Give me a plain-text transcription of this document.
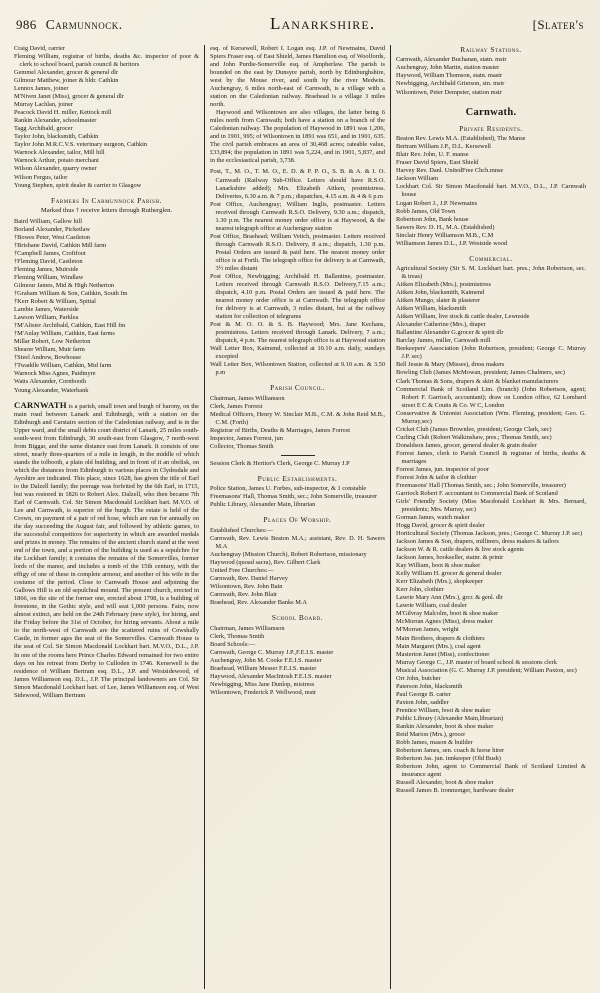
986 Carmunnock.	Lanarkshire.	[Slater's
Craig David, carrier
Fleming William, registrar of births, deaths &c. inspector of poor & clerk to school board, parish council & heritors
Gemmel Alexander, grocer & general dlr
Gilmour Matthew, joiner & bldr. Cathkin
Lennox James, joiner
M'Niven Janet (Miss), grocer & general dlr
Murray Lachlan, joiner
Peacock David H. miller, Kettock mill
Rankin Alexander, schoolmaster
Tagg Archibald, grocer
Taylor John, blacksmith, Cathkin
Taylor John M.R.C.V.S. veterinary surgeon, Cathkin
Warnock Alexander, tailor, Mill hill
Warnock Arthur, potato merchant
Wilson Alexander, quarry owner
Wilson Fergus, tailor
Young Stephen, spirit dealer & carrier to Glasgow
Farmers In Carmunnock Parish.
Marked thus † receive letters through Rutherglen.
Baird William, Gallow hill
Borland Alexander, Picketlaw
†Bowes Peter, West Castleton
†Brisbane David, Cathkin Mill farm
†Campbell James, Croftfoot
†Fleming David, Castleton
Fleming James, Muirside
Fleming William, Windlaw
Gilmour James, Mid & High Netherton
†Graham William & Son, Cathkin, South fm
†Kerr Robert & William, Spittal
Lambie James, Waterside
Lawson William, Parklea
†M'Alister Archibald, Cathkin, East Hill fm
†M'Aulay William, Cathkin, East farms
Millar Robert, Low Netherton
Shearer William, Muir farm
†Steel Andrew, Bowhouse
†Twaddle William, Cathkin, Mid farm
Warnock Miss Agnes, Paidmyre
Watts Alexander, Cornbooth
Young Alexander, Waterbank
CARNWATH is a parish, small town and burgh of barony, on the main road between Lanark and Edinburgh, with a station on the Edinburgh and Carstairs section of the Caledonian railway, and is in the Upper ward, and the small debts court district of Lanark, 25 miles south-south-west from Edinburgh, 30 south-east from Glasgow, 7 north-west from Biggar, and the same distance east from Lanark. It consists of one street, nearly three-quarters of a mile in length, in the middle of which stands the tolbooth, a plain old building, and in front of it an obelisk, on which the distances from Edinburgh to various places in Clydesdale and Ayrshire are indicated. This place, since 1628, has given the title of Earl to the Dalzell family; the peerage was forfeited by the 6th Earl, in 1715, but was restored in 1826 to Robert Alex. Dalzell, who then became 7th Earl of Carnwath. Col. Sir Simon Macdonald Lockhart bart. M.V.O. of Lee and Carnwath, is superior of the burgh. The estate is held of the Crown, on payment of a pair of red hose, which are run for annually on the day succeeding the August fair, and followed by athletic games, to the successful competitors for superiority in which are awarded medals and prizes in money. The remains of the ancient church stand at the west end of the town, and a portion of the building is used as a sepulchre for the Lockhart family; it contains the remains of the Somervilles, former lords of the manor, and includes a tomb of the 15th century, with the effigy of one of these in complete armour, and another of his wife in the costume of the period. Close to Carnwath House and adjoining the Gallows Hill is an old sepulchral mound. The present church, erected in 1866, on the site of the former one, erected about 1798, is a building of freestone, in the Gothic style, and will seat 1,000 persons. Fairs, now almost extinct, are held on the 24th February (new style), for hiring, and the Friday before the 31st of October, for hiring servants. About a mile to the north-west of Carnwath are the scattered ruins of Cowshally Castle, in former ages the seat of the Somervilles. Carnwath House is the seat of Col. Sir Simon Macdonald Lockhart bart. M.V.O., D.L., J.P. In one of the rooms here Prince Charles Edward remained for two entire days on his retreat from Derby to Culloden in 1746. Kersewell is the residence of William Bertram esq. D.L., J.P. and Westsidewood, of James Williamson esq. D.L., J.P. The principal landowners are Col. Sir Simon Macdonald Lockhart bart. of Lee, James Williamson esq. of West Sidewood, William Bertram
esq. of Kersewell, Robert I. Logan esq. J.P. of Newmains, David Spiers Fraser esq. of East Shield, James Hamilton esq. of Woolfords, and John Purdie-Somerville esq. of Ampherlaw. The parish is bounded on the east by Dunsyre parish, north by Edinburghshire, west by the Mouse river, and south by the river Medwin. Auchengray, 6 miles north-east of Carnwath, is a village with a station on the Caledonian railway. Braehead is a village 3 miles north.
Haywood and Wilsontown are also villages, the latter being 6 miles north from Carnwath; both have a station on a branch of the Caledonian railway. The population of Haywood in 1891 was 1,206, and in 1901, 995; of Wilsontown in 1891 was 651, and in 1901, 635. The civil parish embraces an area of 30,468 acres; rateable value, £33,894; the population in 1891 was 5,224, and in 1901, 5,837, and in the ecclesiastical parish, 3,738.
Post, T., M. O., T. M. O., E. D. & P. P. O., S. B. & A. & I. O. Carnwath (Railway Sub-Office. Letters should have R.S.O. Lanarkshire added); Mrs. Elizabeth Aitken, postmistress. Deliveries, 6.30 a.m. & 7 p.m.; dispatches, 4.15 a.m. & 4 & 6 p.m
Post Office, Auchengray; William Inglis, postmaster. Letters received through Carnwath R.S.O. Delivery, 9.30 a.m.; dispatch, 1.30 p.m. The nearest money order office is at Haywood, & the nearest telegraph office at Auchengray station
Post Office, Braehead; William Veitch, postmaster. Letters received through Carnwath R.S.O. Delivery, 8 a.m.; dispatch, 1.30 p.m. Postal Orders are issued & paid here. The nearest money order office is at Forth. The telegraph office for delivery is at Carnwath, 3½ miles distant
Post Office, Newbigging; Archibald H. Ballantine, postmaster. Letters received through Carnwath R.S.O. Delivery,7.15 a.m.; dispatch, 4.10 p.m. Postal Orders are issued & paid here. The nearest money order office is at Carnwath. The telegraph office for delivery is at Carnwath, 3 miles distant, but at the railway station for collection of telegrams
Post & M. O. O. & S. B. Haywood; Mrs. Jane Kechans, postmistress. Letters received through Lanark. Delivery, 7 a.m.; dispatch, 4 p.m. The nearest telegraph office is at Haywood station
Wall Letter Box, Kaimend, collected at 10.10 a.m. daily, sundays excepted
Wall Letter Box, Wilsontown Station, collected at 9.10 a.m. & 3.50 p.m
Parish Council.
Chairman, James Williamson
Clerk, James Forrest
Medical Officers, Henry W. Sinclair M.B., C.M. & John Reid M.B., C.M. (Forth)
Registrar of Births, Deaths & Marriages, James Forrest
Inspector, James Forrest, jun
Collector, Thomas Smith
Session Clerk & Heritor's Clerk, George C. Murray J.P
Public Establishments.
Police Station, James U. Forbes, sub-inspector, & 1 constable
Freemasons' Hall, Thomas Smith, sec.; John Somerville, treasurer
Public Library, Alexander Main, librarian
Places Of Worship.
Established Churches:—
Carnwath, Rev. Lewis Beaton M.A.; assistant, Rev. D. H. Sawers M.A
Auchengray (Mission Church), Robert Robertson, missionary
Haywood (quoad sacra), Rev. Gilbert Clark
United Free Churches:—
Carnwath, Rev. Daniel Harvey
Wilsontown, Rev. John Bain
Carnwath, Rev. John Blair
Braehead, Rev. Alexander Banks M.A
School Board.
Chairman, James Williamson
Clerk, Thomas Smith
Board Schools:—
Carnwath, George C. Murray J.P.,F.E.I.S. master
Auchengray, John M. Cooke F.E.I.S. master
Braehead, William Messer F.E.I.S. master
Haywood, Alexander MacIntosh F.E.I.S. master
Newbigging, Miss Jane Dunlop, mistress
Wilsontown, Frederick P. Wellwood, mstr
Railway Stations.
Carnwath, Alexander Buchanan, statn. mstr
Auchengray, John Martin, station master
Haywood, William Thomson, statn. mastr
Newbigging, Archibald Grierson, stn. mstr
Wilsontown, Peter Dempster, station mstr
Carnwath.
Private Residents.
Beaton Rev. Lewis M.A. (Established), The Manse
Bertram William J.P., D.L. Kersewell
Blair Rev. John, U. F. manse
Fraser David Spiers, East Shield
Harvey Rev. Danl. UnitedFree Chch.mnse
Jackson William
Lockhart Col. Sir Simon Macdonald bart. M.V.O., D.L., J.P. Carnwath house
Logan Robert J., J.P. Newmains
Robb James, Old Town
Robertson John, Bank house
Sawers Rev. D. H., M.A. (Established)
Sinclair Henry Williamson M.B., C.M
Williamson James D.L., J.P. Westside wood
Commercial.
Agricultural Society (Sir S. M. Lockhart bart. pres.; John Robertson, sec. & treas)
Aitken Elizabeth (Mrs.), postmistress
Aitken John, blacksmith, Kaimend
Aitken Mungo, slater & plasterer
Aitken William, blacksmith
Aitken William, live stock & cattle dealer, Lewnside
Alexander Catherine (Mrs.), draper
Ballantine Alexander G.grocer & spirit dlr
Barclay James, miller, Carnwath mill
Beekeepers' Association (John Robertson, president; George C. Murray J.P. sec)
Bell Jessie & Mary (Misses), dress makers
Bowling Club (James McMowan, president; James Chalmers, sec)
Clark Thomas & Sons, drapers & skirt & blanket manufacturers
Commercial Bank of Scotland Lim. (branch) (John Robertson, agent; Robert F. Garrioch, accountant); draw on London office, 62 Lombard street E C & Coutts & Co. W C, London
Conservative & Unionist Association (Wm. Fleming, president; Geo. G. Murray,sec)
Cricket Club (James Brownlee, president; George Clark, sec)
Curling Club (Robert Walkinshaw, pres.; Thomas Smith, sec)
Donaldson James, grocer, general dealer & grain dealer
Forrest James, clerk to Parish Council & registrar of births, deaths & marriages
Forrest James, jun. inspector of poor
Forrest John & tailor & clothier
Freemasons' Hall (Thomas Smith, sec.; John Somerville, treasurer)
Garrioch Robert F. accountant to Commercial Bank of Scotland
Girls' Friendly Society (Miss Macdonald Lockhart & Mrs. Bernard, presidents; Mrs. Murray, sec)
Gorman James, watch maker
Hogg David, grocer & spirit dealer
Horticultural Society (Thomas Jackson, pres.; George C. Murray J.P. sec)
Jackson James & Son, drapers, milliners, dress makers & tailors
Jackson W. & R. cattle dealers & live stock agents
Jackson James, bookseller, statnr. & printr
Kay William, boot & shoe maker
Kelly William H. grocer & general dealer
Kerr Elizabeth (Mrs.), shopkeeper
Kerr John, clothier
Lawrie Mary Ann (Mrs.), grcr. & genl. dlr
Lawrie William, coal dealer
M'Gilvray Malcolm, boot & shoe maker
McMorran Agnes (Miss), dress maker
M'Morran James, wright
Main Brothers, drapers & clothiers
Main Margaret (Mrs.), coal agent
Masterton Janet (Miss), confectioner
Murray George C., J.P. master of board school & sessions clerk
Musical Association (G. C. Murray J.P. president; William Paxton, sec)
Orr John, butcher
Paterson John, blacksmith
Paul George B. carter
Paxton John, saddler
Prentice William, boot & shoe maker
Public Library (Alexander Main,librarian)
Rankin Alexander, boot & shoe maker
Reid Marion (Mrs.), grocer
Robb James, mason & builder
Robertson James, sen. coach & horse hirer
Robertson Jas. jun. innkeeper (Old Bush)
Robertson John, agent to Commercial Bank of Scotland Limited & insurance agent
Russell Alexander, boot & shoe maker
Russell James B. ironmonger, hardware dealer
